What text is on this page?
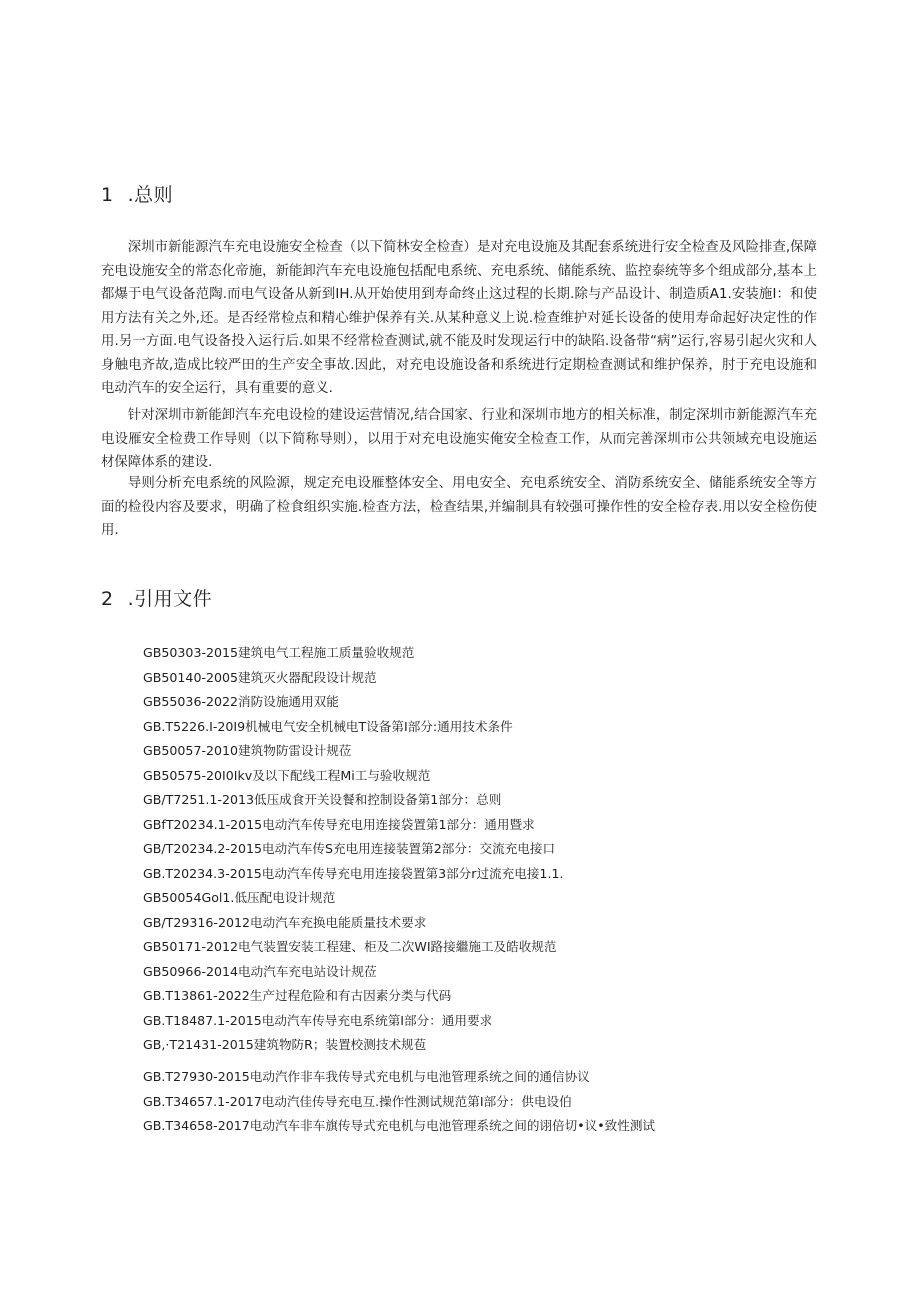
1 .总则

深圳市新能源汽车充电设施安全检查（以下简林安全检查）是对充电设施及其配套系统进行安全检查及风险排查,保障充电设施安全的常态化帝施，新能卸汽车充电设施包括配电系统、充电系统、储能系统、监控泰统等多个组成部分,基本上都爆于电气设备范陶.而电气设备从新到IH.从开始使用到寿命终止这过程的长期.除与产品设计、制造质A1.安装施I：和使用方法有关之外,还。是否经常检点和精心维护保养有关.从某种意义上说.检查维护对延长设备的使用寿命起好决定性的作用.另一方面.电气设备投入运行后.如果不经常检查测试,就不能及时发现运行中的缺陷.设备带“病”运行,容易引起火灾和人身触电齐故,造成比较严田的生产安全事故.因此，对充电设施设备和系统进行定期检查测试和维护保养，肘于充电设施和电动汽车的安全运行，具有重要的意义.

针对深圳市新能卸汽车充电设检的建设运营情况,结合国家、行业和深圳市地方的相关标准，制定深圳市新能源汽车充电设雁安全检费工作导则（以下简称导则），以用于对充电设施实俺安全检查工作，从而完善深圳市公共领域充电设施运材保障体系的建设.

导则分析充电系统的风险源，规定充电设雁整体安全、用电安全、充电系统安全、消防系统安全、储能系统安全等方面的检役内容及要求，明确了检食组织实施.检查方法，检查结果,并编制具有较强可操作性的安全检存表.用以安全检伤使用.

2 .引用文件
GB50303-2015建筑电气工程施工质量验收规范
GB50140-2005建筑灭火器配段设计规范
GB55036-2022消防设施通用双能
GB.T5226.I-20I9机械电气安全机械电T设备第I部分:通用技术条件
GB50057-2010建筑物防雷设计规莅
GB50575-20I0Ikv及以下配线工程Mi工与验收规范
GB/T7251.1-2013低压成食开关设餐和控制设备第1部分：总则
GBfT20234.1-2015电动汽车传导充电用连接袋置第1部分：通用暨求
GB/T20234.2-2015电动汽车传S充电用连接装置第2部分：交流充电接口
GB.T20234.3-2015电动汽车传导充电用连接袋置第3部分r过流充电接1.1.
GB50054Gol1.低压配电设计规范
GB/T29316-2012电动汽车充换电能质量技术要求
GB50171-2012电气装置安装工程建、柜及二次WI路接繼施工及皓收规范
GB50966-2014电动汽车充电站设计规莅
GB.T13861-2022生产过程危险和有古因素分类与代码
GB.T18487.1-2015电动汽车传导充电系统第I部分：通用要求
GB,·T21431-2015建筑物防R；装置校测技术规苞
GB.T27930-2015电动汽作非车我传导式充电机与电池管理系统之间的通信协议
GB.T34657.1-2017电动汽佳传导充电互.操作性测试规范第I部分：供电设伯
GB.T34658-2017电动汽车非车旗传导式充电机与电池管理系统之间的诩倍切•议•致性测试
